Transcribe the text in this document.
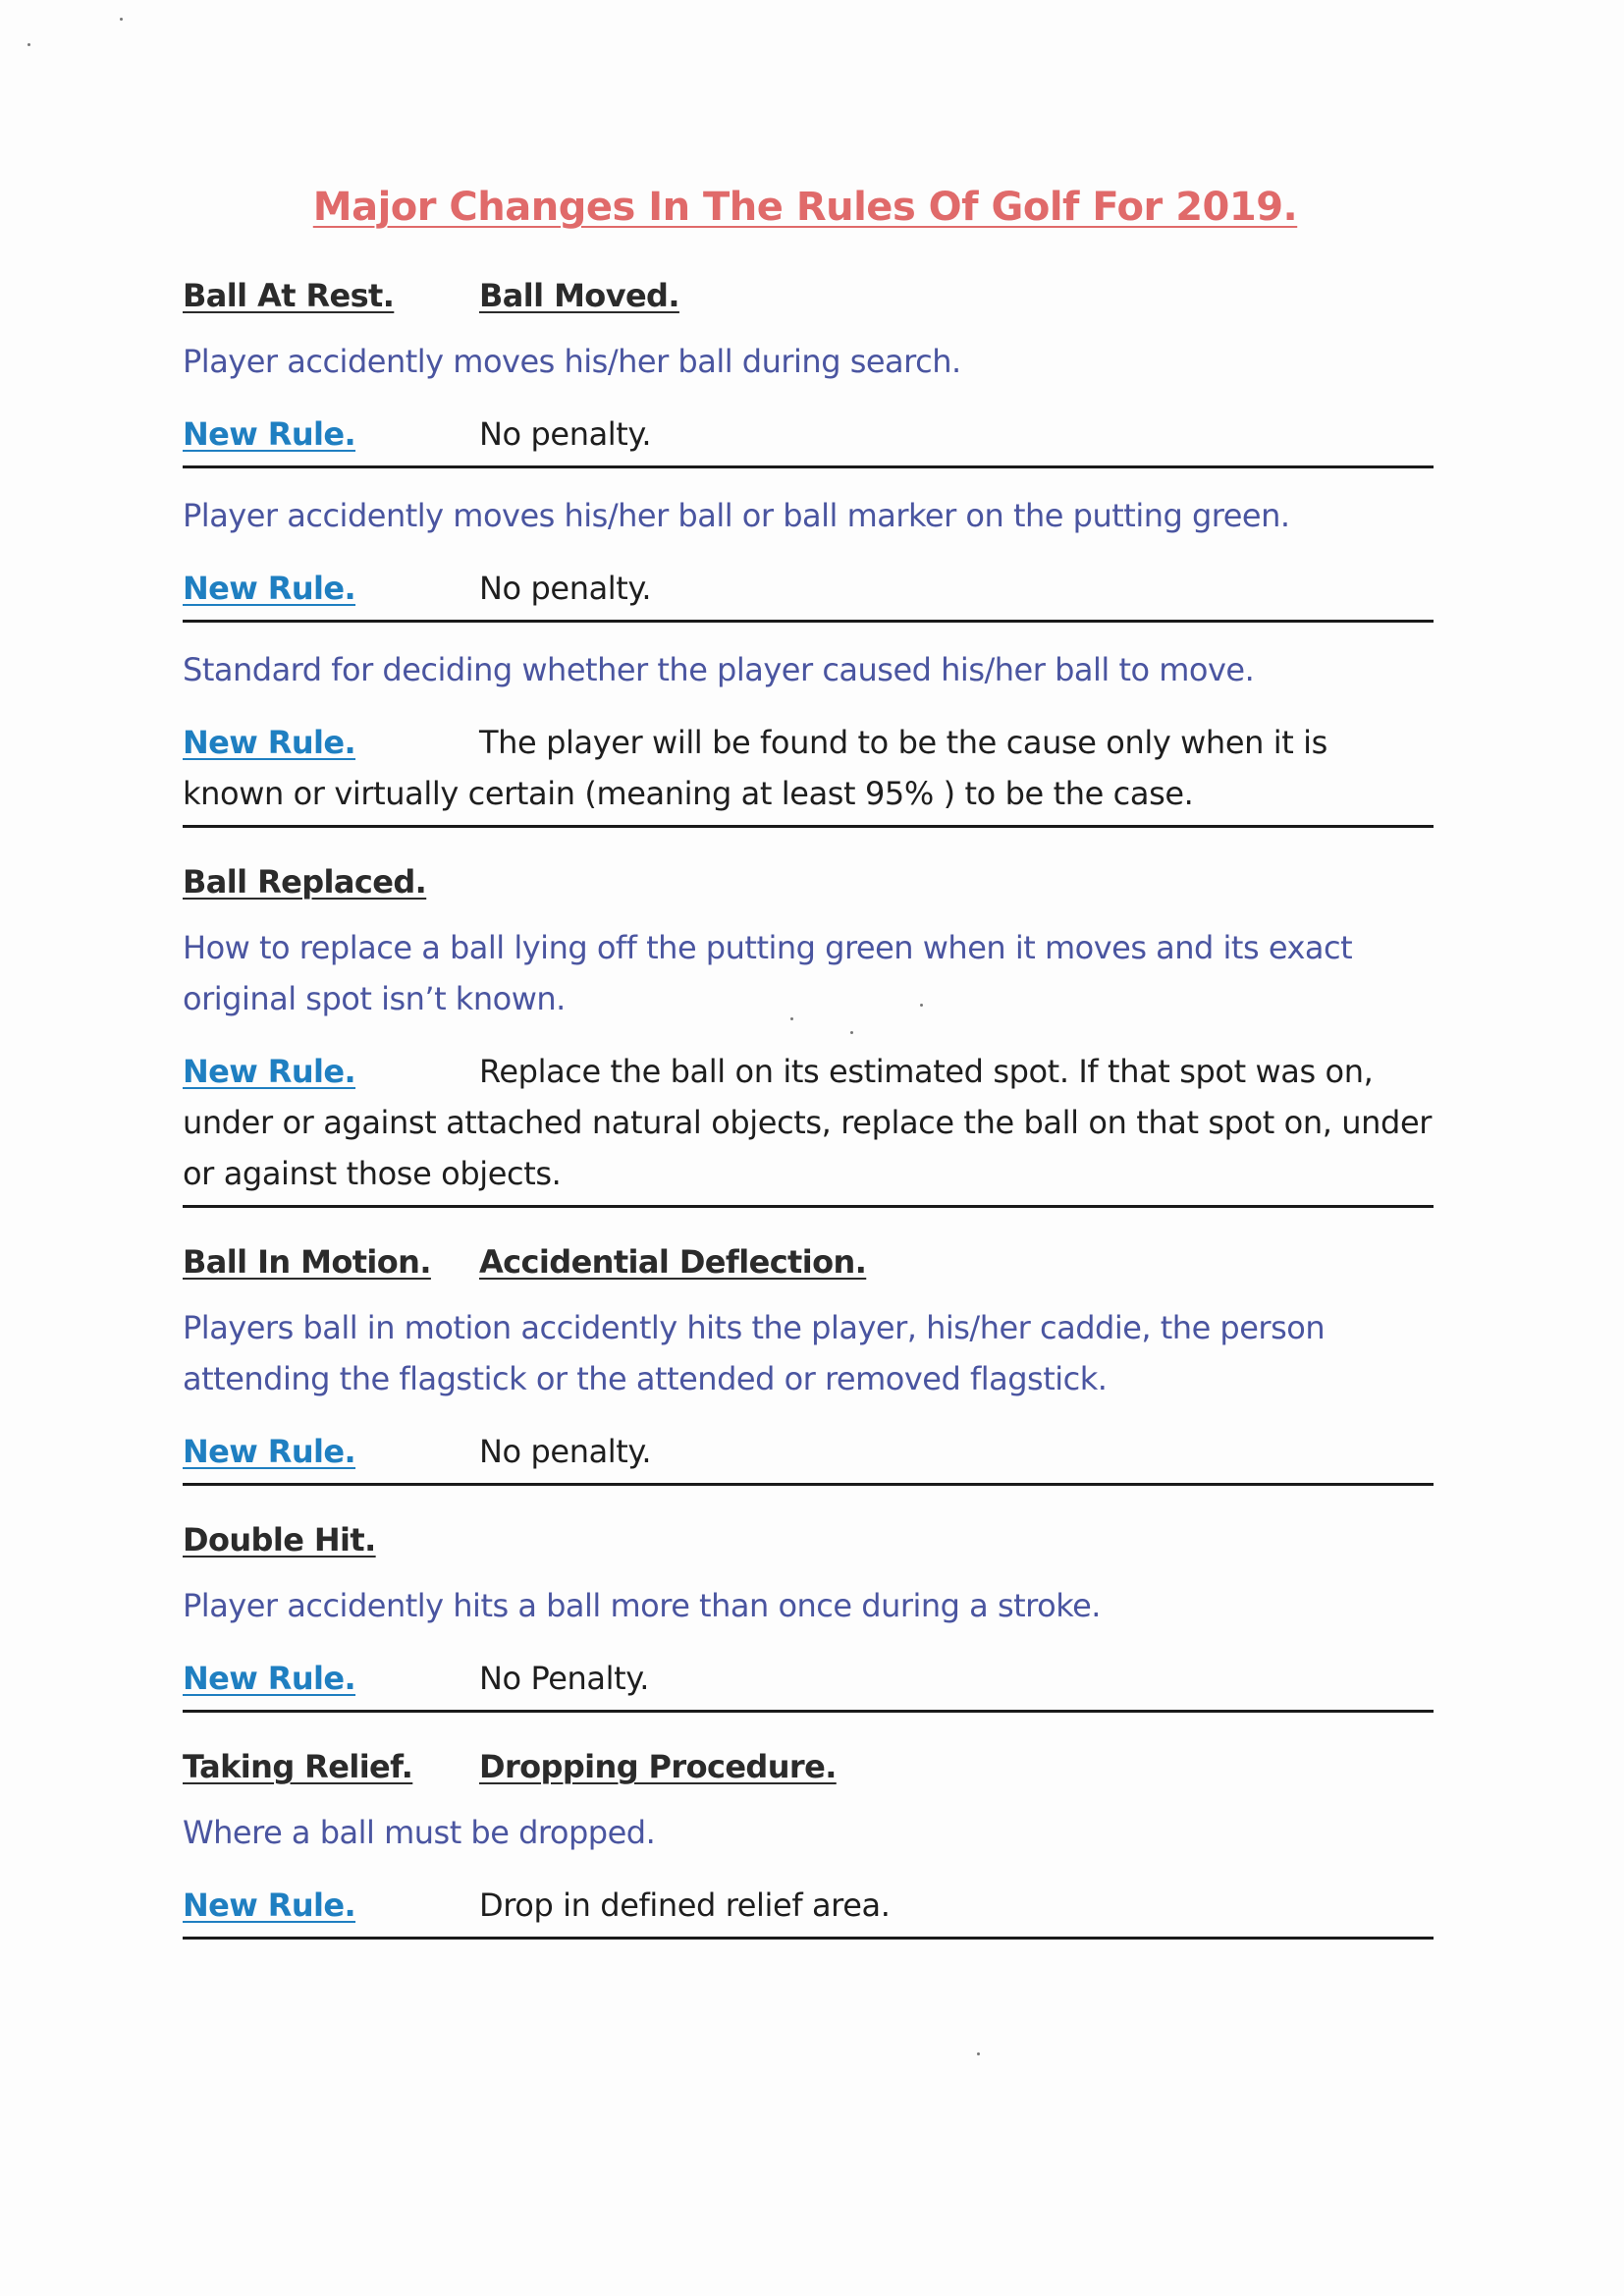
Major Changes In The Rules Of Golf For 2019.
Ball At Rest.	Ball Moved.
Player accidently moves his/her ball during search.
New Rule.	No penalty.
Player accidently moves his/her ball or ball marker on the putting green.
New Rule.	No penalty.
Standard for deciding whether the player caused his/her ball to move.
New Rule.	The player will be found to be the cause only when it is known or virtually certain (meaning at least 95% ) to be the case.
Ball Replaced.
How to replace a ball lying off the putting green when it moves and its exact original spot isn’t known.
New Rule.	Replace the ball on its estimated spot. If that spot was on, under or against attached natural objects, replace the ball on that spot on, under or against those objects.
Ball In Motion.	Accidential Deflection.
Players ball in motion accidently hits the player, his/her caddie, the person attending the flagstick or the attended or removed flagstick.
New Rule.	No penalty.
Double Hit.
Player accidently hits a ball more than once during a stroke.
New Rule.	No Penalty.
Taking Relief.	Dropping Procedure.
Where a ball must be dropped.
New Rule.	Drop in defined relief area.
